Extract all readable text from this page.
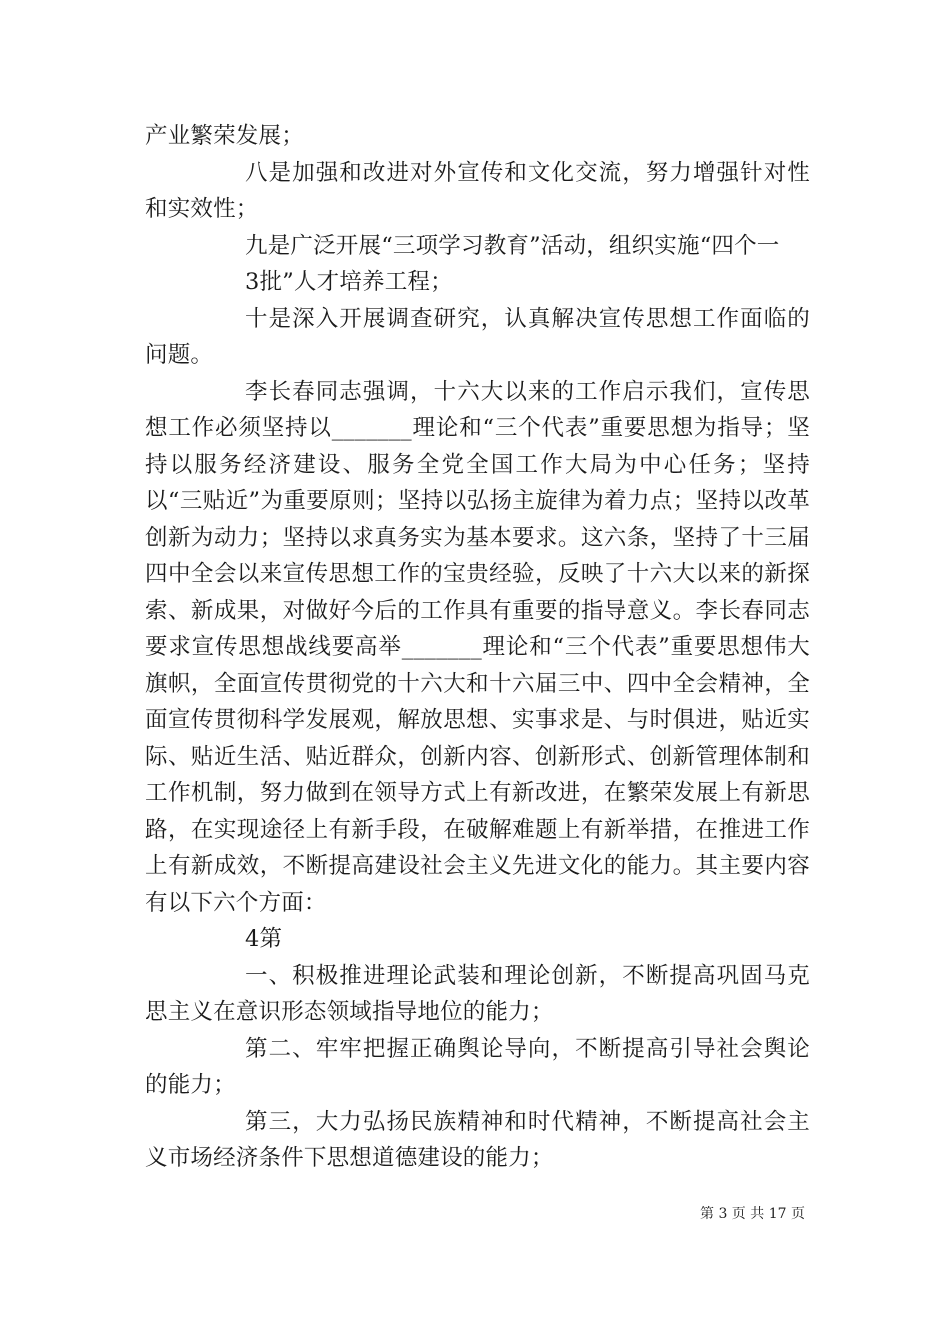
产业繁荣发展；

八是加强和改进对外宣传和文化交流，努力增强针对性和实效性；

九是广泛开展“三项学习教育”活动，组织实施“四个一

3批”人才培养工程；

十是深入开展调查研究，认真解决宣传思想工作面临的问题。

李长春同志强调，十六大以来的工作启示我们，宣传思想工作必须坚持以_______理论和“三个代表”重要思想为指导；坚持以服务经济建设、服务全党全国工作大局为中心任务；坚持以“三贴近”为重要原则；坚持以弘扬主旋律为着力点；坚持以改革创新为动力；坚持以求真务实为基本要求。这六条，坚持了十三届四中全会以来宣传思想工作的宝贵经验，反映了十六大以来的新探索、新成果，对做好今后的工作具有重要的指导意义。李长春同志要求宣传思想战线要高举_______理论和“三个代表”重要思想伟大旗帜，全面宣传贯彻党的十六大和十六届三中、四中全会精神，全面宣传贯彻科学发展观，解放思想、实事求是、与时俱进，贴近实际、贴近生活、贴近群众，创新内容、创新形式、创新管理体制和工作机制，努力做到在领导方式上有新改进，在繁荣发展上有新思路，在实现途径上有新手段，在破解难题上有新举措，在推进工作上有新成效，不断提高建设社会主义先进文化的能力。其主要内容有以下六个方面：

4第

一、积极推进理论武装和理论创新，不断提高巩固马克思主义在意识形态领域指导地位的能力；

第二、牢牢把握正确舆论导向，不断提高引导社会舆论的能力；

第三，大力弘扬民族精神和时代精神，不断提高社会主义市场经济条件下思想道德建设的能力；

第 3 页 共 17 页
